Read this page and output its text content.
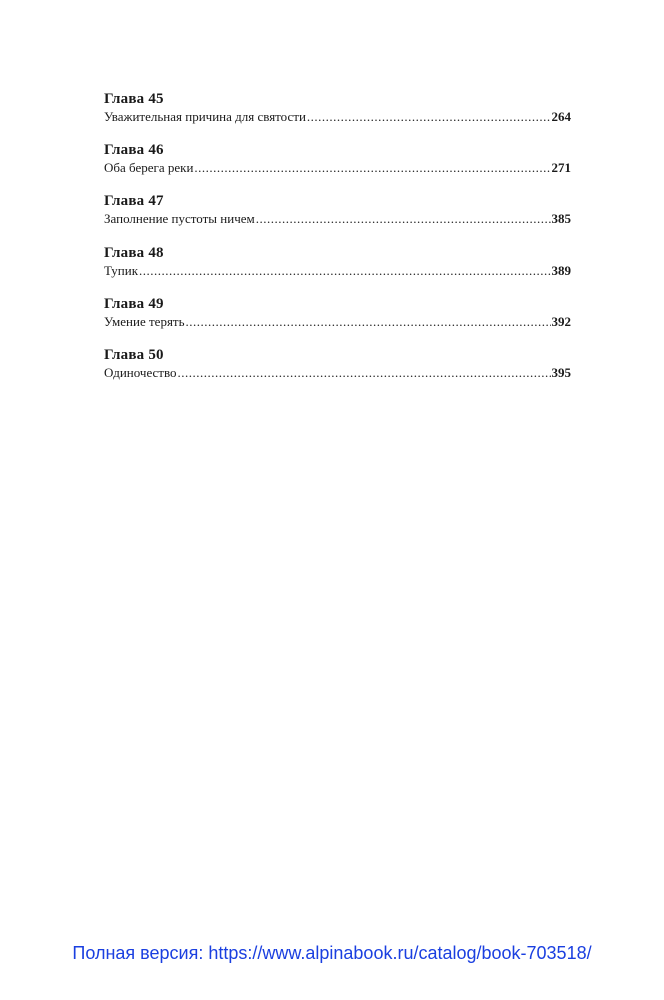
Глава 45
Уважительная причина для святости .....	264
Глава 46
Оба берега реки .....	271
Глава 47
Заполнение пустоты ничем .....	385
Глава 48
Тупик .....	389
Глава 49
Умение терять .....	392
Глава 50
Одиночество .....	395
Полная версия: https://www.alpinabook.ru/catalog/book-703518/
